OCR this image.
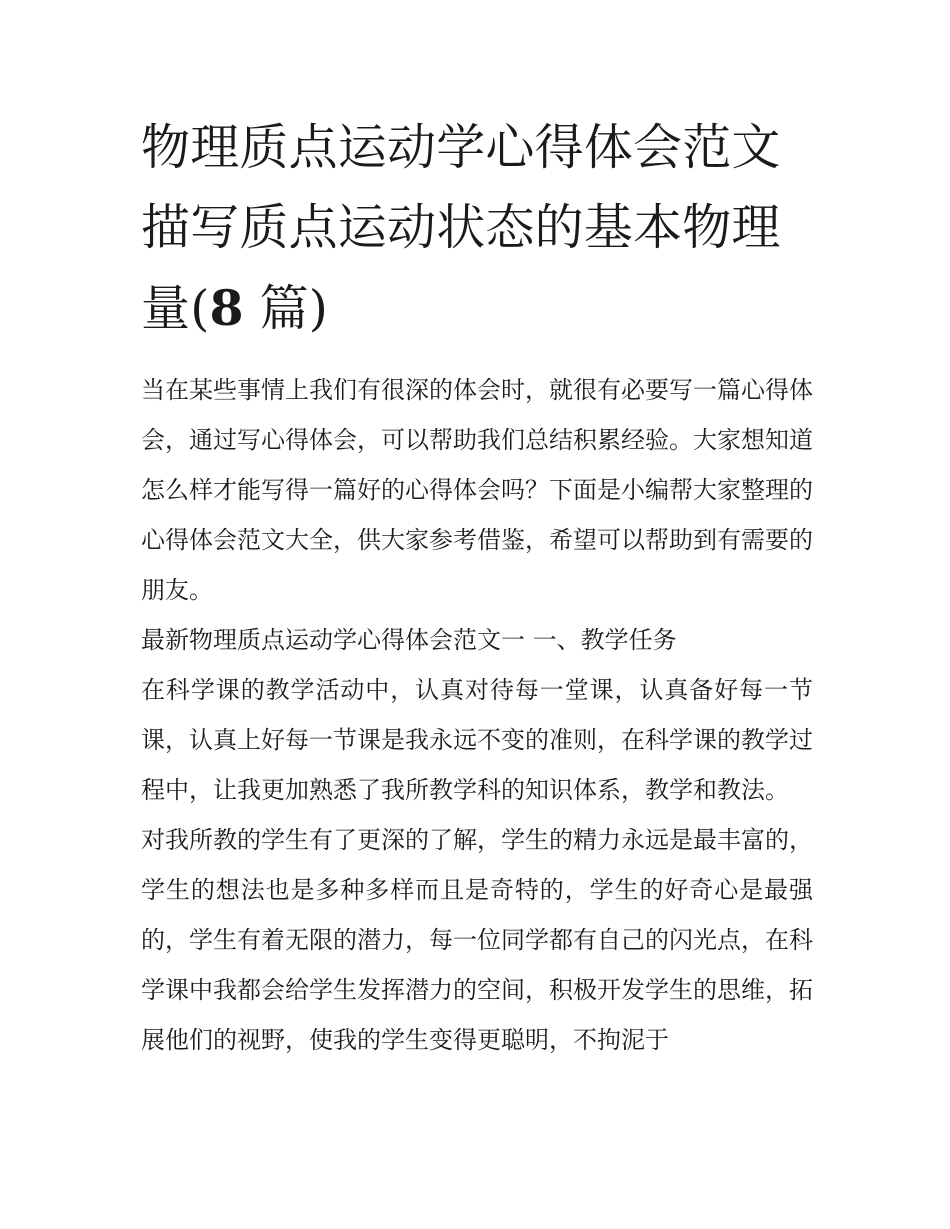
物理质点运动学心得体会范文描写质点运动状态的基本物理量(8 篇)

当在某些事情上我们有很深的体会时，就很有必要写一篇心得体会，通过写心得体会，可以帮助我们总结积累经验。大家想知道怎么样才能写得一篇好的心得体会吗？下面是小编帮大家整理的心得体会范文大全，供大家参考借鉴，希望可以帮助到有需要的朋友。

最新物理质点运动学心得体会范文一 一、教学任务

在科学课的教学活动中，认真对待每一堂课，认真备好每一节课，认真上好每一节课是我永远不变的准则，在科学课的教学过程中，让我更加熟悉了我所教学科的知识体系，教学和教法。

对我所教的学生有了更深的了解，学生的精力永远是最丰富的，学生的想法也是多种多样而且是奇特的，学生的好奇心是最强的，学生有着无限的潜力，每一位同学都有自己的闪光点，在科学课中我都会给学生发挥潜力的空间，积极开发学生的思维，拓展他们的视野，使我的学生变得更聪明，不拘泥于
